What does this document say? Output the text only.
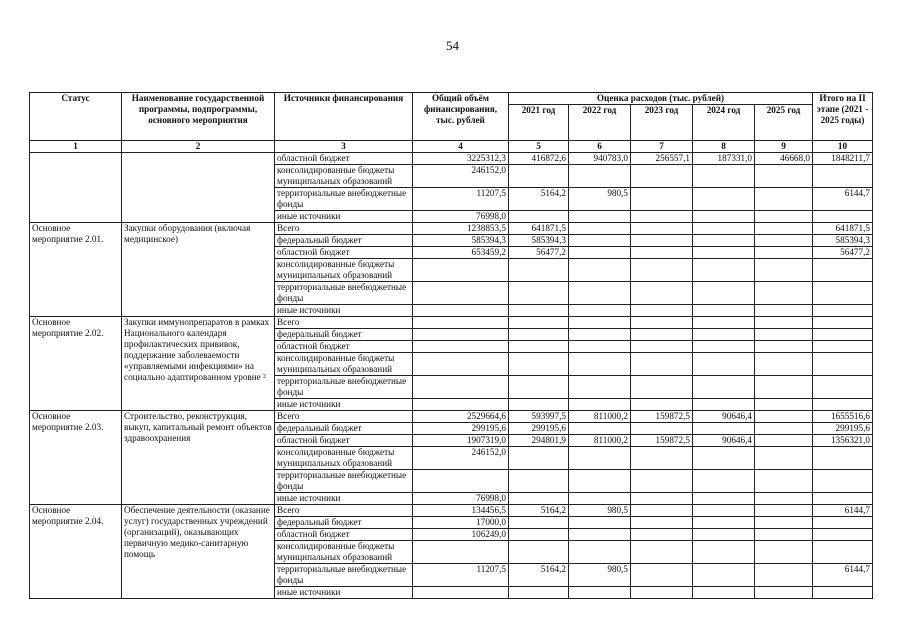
54
Статус	Наименование государственной программы, подпрограммы, основного мероприятия	Источники финансирования	Общий объём финансирования, тыс. рублей	Оценка расходов (тыс. рублей)					Итого на II этапе (2021 - 2025 годы)
				2021 год	2022 год	2023 год	2024 год	2025 год	
1	2	3	4	5	6	7	8	9	10
		областной бюджет	3225312,3	416872,6	940783,0	256557,1	187331,0	46668,0	1848211,7
		консолидированные бюджеты муниципальных образований	246152,0						
		территориальные внебюджетные фонды	11207,5	5164,2	980,5				6144,7
		иные источники	76998,0						
Основное мероприятие 2.01.	Закупки оборудования (включая медицинское)	Всего	1238853,5	641871,5					641871,5
		федеральный бюджет	585394,3	585394,3					585394,3
		областной бюджет	653459,2	56477,2					56477,2
		консолидированные бюджеты муниципальных образований							
		территориальные внебюджетные фонды							
		иные источники							
Основное мероприятие 2.02.	Закупки иммунопрепаратов в рамках Национального календаря профилактических прививок, поддержание заболеваемости «управляемыми инфекциями» на социально адаптированном уровне ²	Всего							
		федеральный бюджет							
		областной бюджет							
		консолидированные бюджеты муниципальных образований							
		территориальные внебюджетные фонды							
		иные источники							
Основное мероприятие 2.03.	Строительство, реконструкция, выкуп, капитальный ремонт объектов здравоохранения	Всего	2529664,6	593997,5	811000,2	159872,5	90646,4		1655516,6
		федеральный бюджет	299195,6	299195,6					299195,6
		областной бюджет	1907319,0	294801,9	811000,2	159872,5	90646,4		1356321,0
		консолидированные бюджеты муниципальных образований	246152,0						
		территориальные внебюджетные фонды							
		иные источники	76998,0						
Основное мероприятие 2.04.	Обеспечение деятельности (оказание услуг) государственных учреждений (организаций), оказывающих первичную медико-санитарную помощь	Всего	134456,5	5164,2	980,5				6144,7
		федеральный бюджет	17000,0						
		областной бюджет	106249,0						
		консолидированные бюджеты муниципальных образований							
		территориальные внебюджетные фонды	11207,5	5164,2	980,5				6144,7
		иные источники							
